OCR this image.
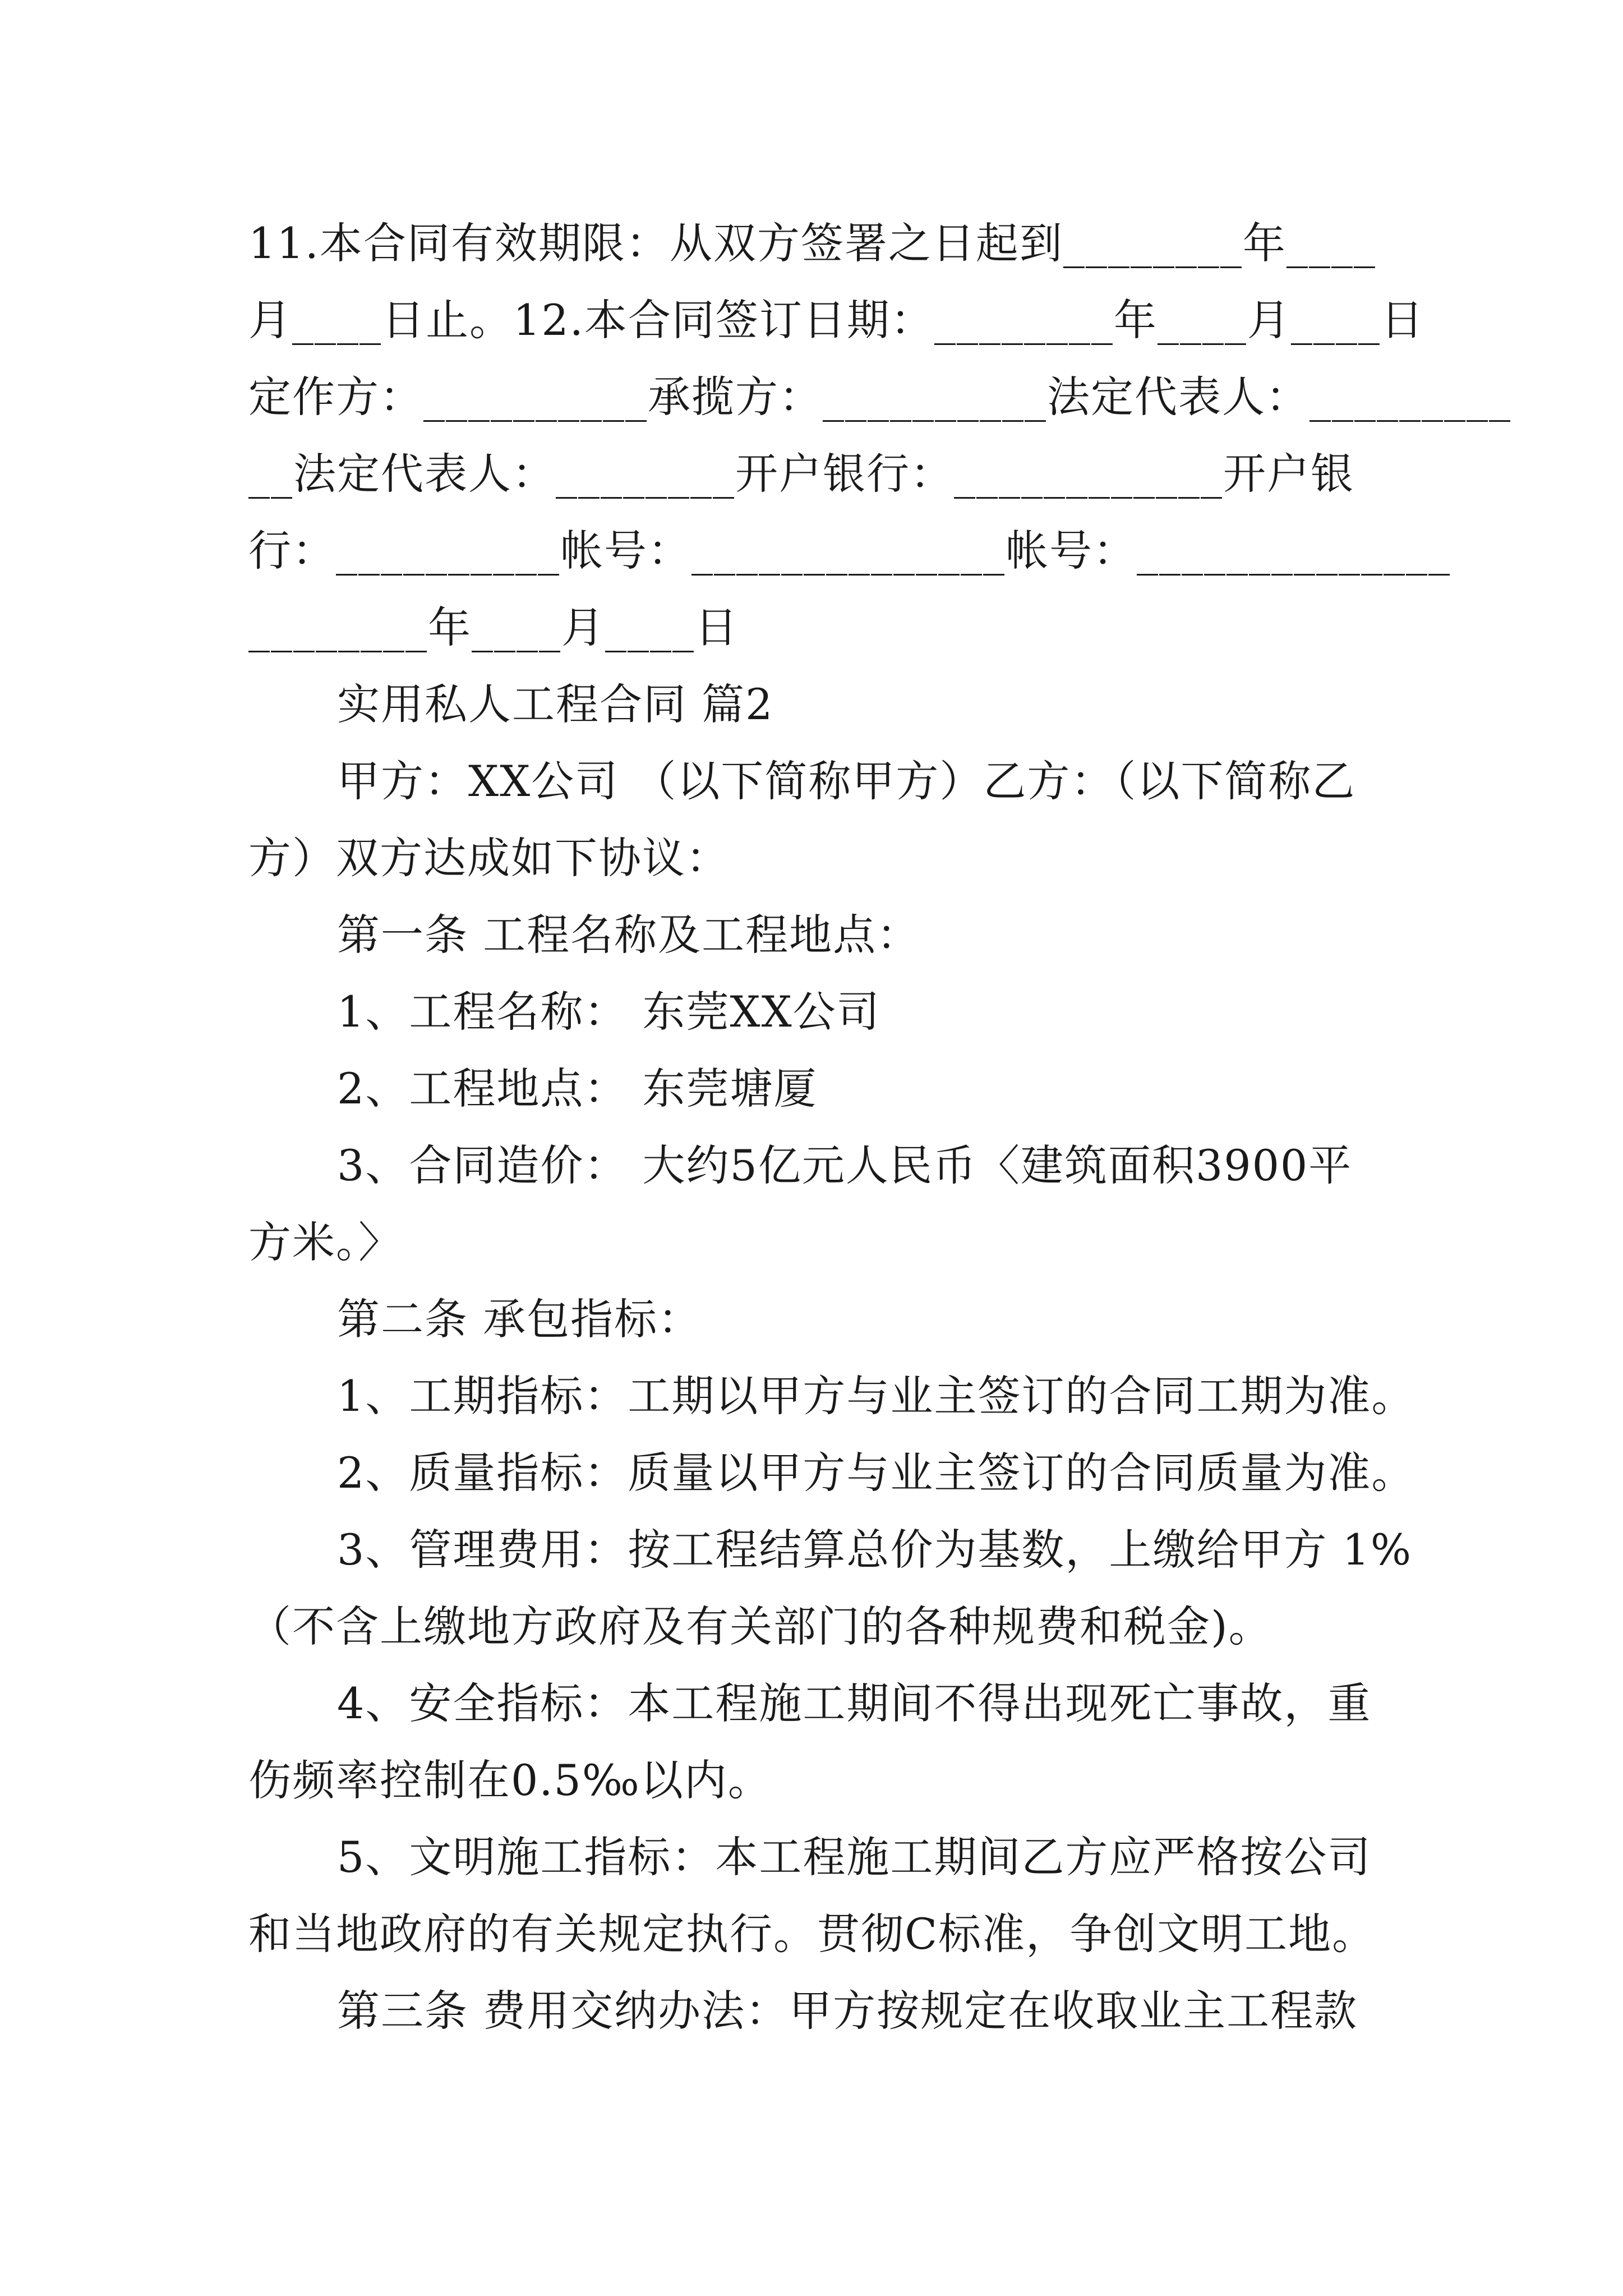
11.本合同有效期限：从双方签署之日起到________年____
月____日止。12.本合同签订日期：________年____月____日
定作方：__________承揽方：__________法定代表人：_________
__法定代表人：________开户银行：____________开户银
行：__________帐号：______________帐号：______________
________年____月____日
实用私人工程合同 篇2
甲方：XX公司 （以下简称甲方）乙方：（以下简称乙
方）双方达成如下协议：
第一条 工程名称及工程地点：
1、工程名称： 东莞XX公司
2、工程地点： 东莞塘厦
3、合同造价： 大约5亿元人民币〈建筑面积3900平
方米。〉
第二条 承包指标：
1、工期指标：工期以甲方与业主签订的合同工期为准。
2、质量指标：质量以甲方与业主签订的合同质量为准。
3、管理费用：按工程结算总价为基数，上缴给甲方 1%
（不含上缴地方政府及有关部门的各种规费和税金)。
4、安全指标：本工程施工期间不得出现死亡事故，重
伤频率控制在0.5‰以内。
5、文明施工指标：本工程施工期间乙方应严格按公司
和当地政府的有关规定执行。贯彻C标准，争创文明工地。
第三条 费用交纳办法：甲方按规定在收取业主工程款
